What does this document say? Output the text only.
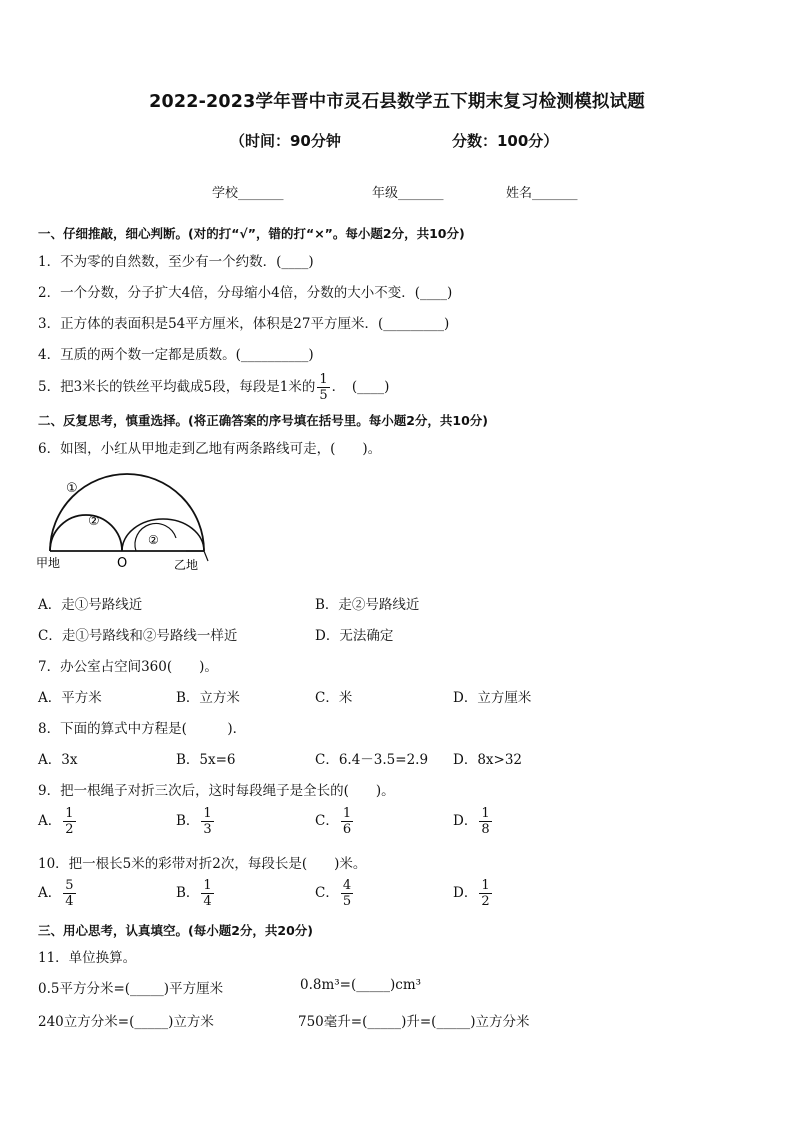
2022-2023学年晋中市灵石县数学五下期末复习检测模拟试题
（时间：90分钟	分数：100分）
学校_______	年级_______	姓名_______
一、仔细推敲，细心判断。(对的打“√”，错的打“×”。每小题2分，共10分)
1．不为零的自然数，至少有一个约数．(____)
2．一个分数，分子扩大4倍，分母缩小4倍，分数的大小不变．(____)
3．正方体的表面积是54平方厘米，体积是27平方厘米．(_________)
4．互质的两个数一定都是质数。(__________)
5．把3米长的铁丝平均截成5段，每段是1米的 $\frac{1}{5}$ ．　(____)
二、反复思考，慎重选择。(将正确答案的序号填在括号里。每小题2分，共10分)
6．如图，小红从甲地走到乙地有两条路线可走，(　　)。
①
②
②
甲地	O	乙地
A．走①号路线近	B．走②号路线近
C．走①号路线和②号路线一样近	D．无法确定
7．办公室占空间360(　　)。
A．平方米	B．立方米	C．米	D．立方厘米
8．下面的算式中方程是(　　　)．
A．3x	B．5x=6	C．6.4－3.5=2.9 D．8x>32
9．把一根绳子对折三次后，这时每段绳子是全长的(　　)。
A． $\frac{1}{2}$	B． $\frac{1}{3}$	C． $\frac{1}{6}$	D． $\frac{1}{8}$
10．把一根长5米的彩带对折2次，每段长是(　　)米。
A． $\frac{5}{4}$	B． $\frac{1}{4}$	C． $\frac{4}{5}$	D． $\frac{1}{2}$
三、用心思考，认真填空。(每小题2分，共20分)
11．单位换算。
0.5平方分米=(_____)平方厘米	0.8m³=(_____)cm³
240立方分米=(_____)立方米	750毫升=(_____)升=(_____)立方分米
